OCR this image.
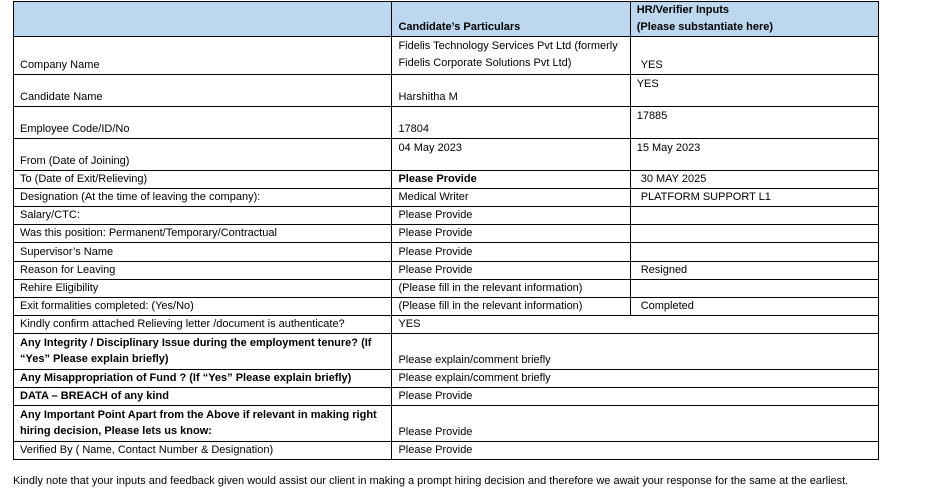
	Candidate’s Particulars	HR/Verifier Inputs
(Please substantiate here)

Company Name	Fidelis Technology Services Pvt Ltd (formerly Fidelis Corporate Solutions Pvt Ltd)	YES
Candidate Name	Harshitha M	YES
Employee Code/ID/No	17804	17885
From (Date of Joining)	04 May 2023	15 May 2023
To (Date of Exit/Relieving)	Please Provide	30 MAY 2025
Designation (At the time of leaving the company):	Medical Writer	PLATFORM SUPPORT L1
Salary/CTC:	Please Provide	
Was this position: Permanent/Temporary/Contractual	Please Provide	
Supervisor’s Name	Please Provide	
Reason for Leaving	Please Provide	Resigned
Rehire Eligibility	(Please fill in the relevant information)	
Exit formalities completed: (Yes/No)	(Please fill in the relevant information)	Completed
Kindly confirm attached Relieving letter /document is authenticate?	YES	
Any Integrity / Disciplinary Issue during the employment tenure? (If “Yes” Please explain briefly)	Please explain/comment briefly	
Any Misappropriation of Fund ? (If “Yes” Please explain briefly)	Please explain/comment briefly	
DATA – BREACH of any kind	Please Provide	
Any Important Point Apart from the Above if relevant in making right hiring decision, Please lets us know:	Please Provide	
Verified By ( Name, Contact Number & Designation)	Please Provide	
Kindly note that your inputs and feedback given would assist our client in making a prompt hiring decision and therefore we await your response for the same at the earliest.
